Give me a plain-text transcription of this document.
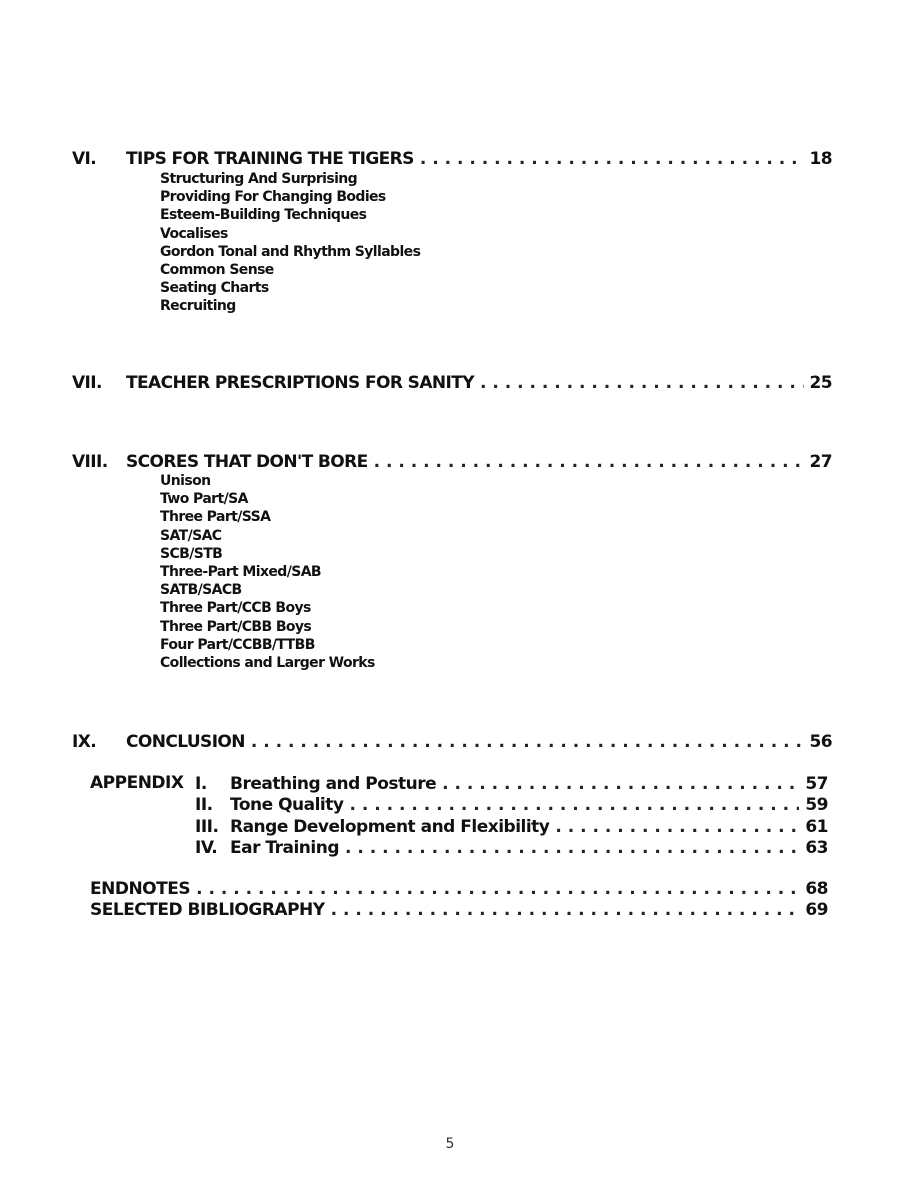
VI.	TIPS FOR TRAINING THE TIGERS . . .	18
Structuring And Surprising
Providing For Changing Bodies
Esteem-Building Techniques
Vocalises
Gordon Tonal and Rhythm Syllables
Common Sense
Seating Charts
Recruiting
VII.	TEACHER PRESCRIPTIONS FOR SANITY . . .	25
VIII.	SCORES THAT DON'T BORE . . .	27
Unison
Two Part/SA
Three Part/SSA
SAT/SAC
SCB/STB
Three-Part Mixed/SAB
SATB/SACB
Three Part/CCB Boys
Three Part/CBB Boys
Four Part/CCBB/TTBB
Collections and Larger Works
IX.	CONCLUSION . . .	56
APPENDIX I.	Breathing and Posture . . .	57
II.	Tone Quality . . .	59
III. Range Development and Flexibility . . .	61
IV. Ear Training . . .	63
ENDNOTES . . .	68
SELECTED BIBLIOGRAPHY . . .	69
5
